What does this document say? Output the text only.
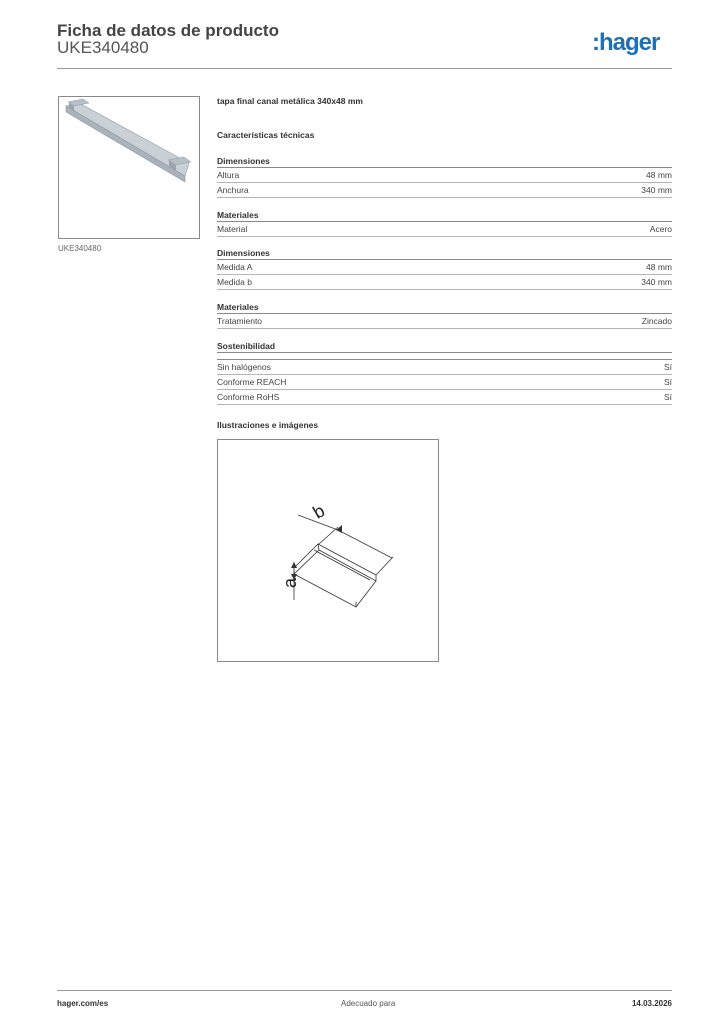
Ficha de datos de producto
UKE340480	:hager
UKE340480
tapa final canal metálica 340x48 mm
Características técnicas
Dimensiones
Altura	48 mm
Anchura	340 mm
Materiales
Material	Acero
Dimensiones
Medida A	48 mm
Medida b	340 mm
Materiales
Tratamiento	Zincado
Sostenibilidad
Sin halógenos	Sí
Conforme REACH	Sí
Conforme RoHS	Sí
Ilustraciones e imágenes
b
a
hager.com/es	Adecuado para	14.03.2026
